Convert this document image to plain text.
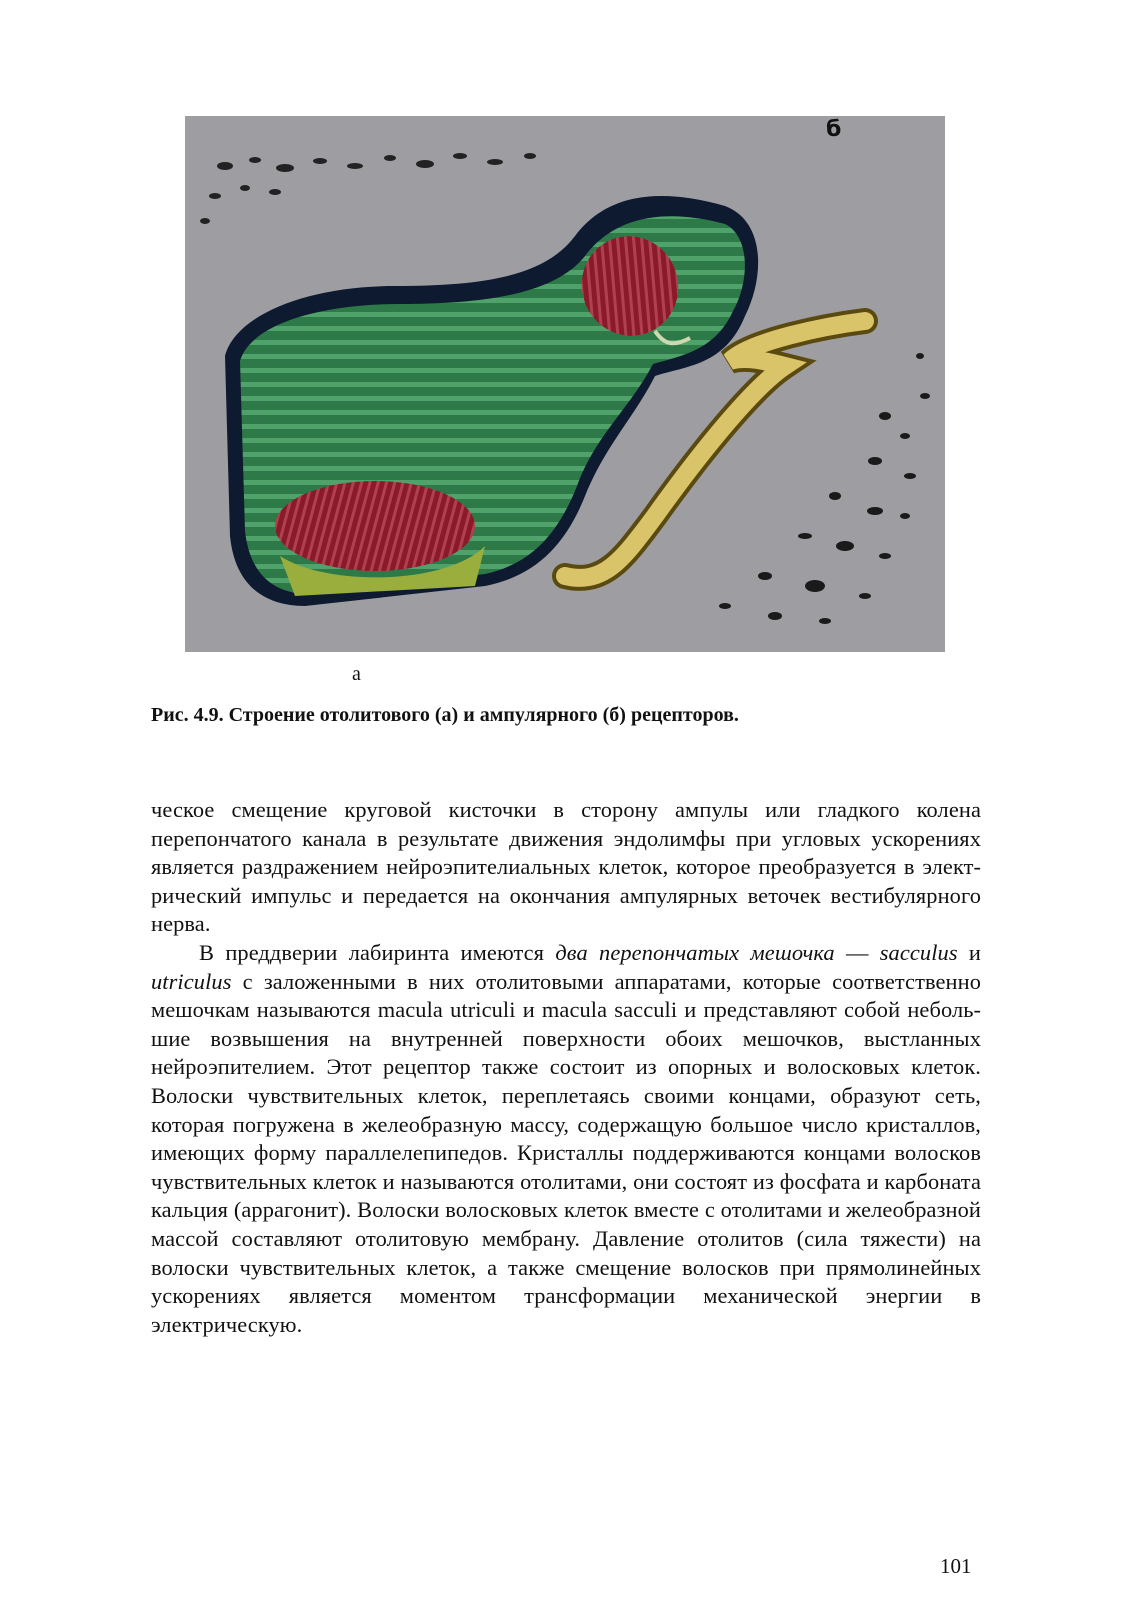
б
а
Рис. 4.9. Строение отолитового (а) и ампулярного (б) рецепторов.

ческое смещение круговой кисточки в сторону ампулы или гладкого колена перепончатого канала в результате движения эндолимфы при угловых ускорениях является раздражением нейроэпителиальных клеток, которое преобразуется в электрический импульс и передается на окончания ампулярных веточек вестибулярного нерва.

В преддверии лабиринта имеются два перепончатых мешочка — sacculus и utriculus с заложенными в них отолитовыми аппаратами, которые соответственно мешочкам называются macula utriculi и macula sacculi и представляют собой небольшие возвышения на внутренней поверхности обоих мешочков, выстланных нейроэпителием. Этот рецептор также состоит из опорных и волосковых клеток. Волоски чувствительных клеток, переплетаясь своими концами, образуют сеть, которая погружена в желеобразную массу, содержащую большое число кристаллов, имеющих форму параллелепипедов. Кристаллы поддерживаются концами волосков чувствительных клеток и называются отолитами, они состоят из фосфата и карбоната кальция (аррагонит). Волоски волосковых клеток вместе с отолитами и желеобразной массой составляют отолитовую мембрану. Давление отолитов (сила тяжести) на волоски чувствительных клеток, а также смещение волосков при прямолинейных ускорениях является моментом трансформации механической энергии в электрическую.

101
